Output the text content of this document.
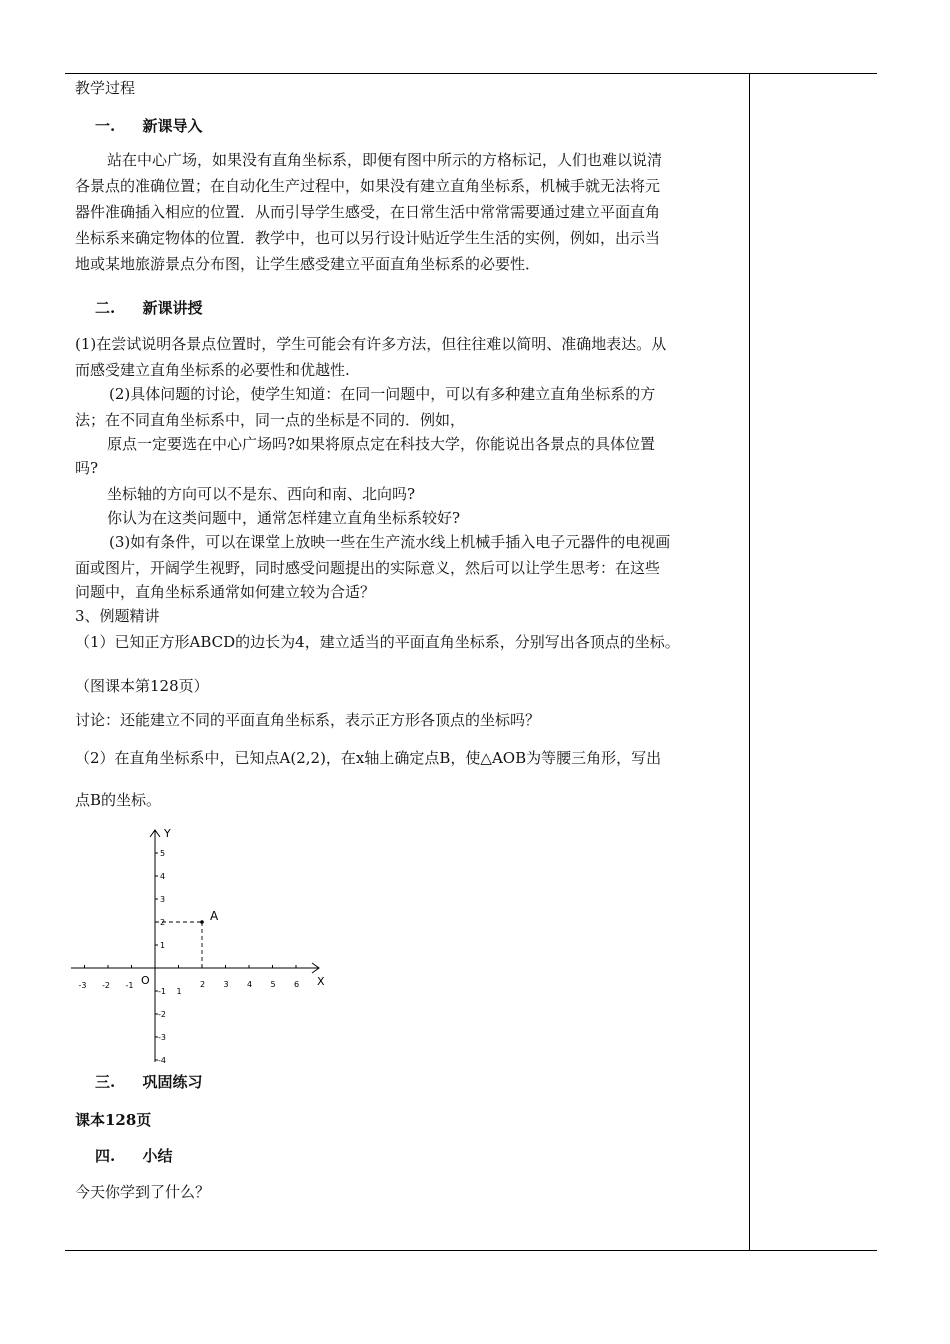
教学过程
一. 新课导入
站在中心广场，如果没有直角坐标系，即便有图中所示的方格标记，人们也难以说清
各景点的准确位置；在自动化生产过程中，如果没有建立直角坐标系，机械手就无法将元
器件准确插入相应的位置．从而引导学生感受，在日常生活中常常需要通过建立平面直角
坐标系来确定物体的位置．教学中，也可以另行设计贴近学生生活的实例，例如，出示当
地或某地旅游景点分布图，让学生感受建立平面直角坐标系的必要性．
二. 新课讲授
(1)在尝试说明各景点位置时，学生可能会有许多方法，但往往难以简明、准确地表达。从
而感受建立直角坐标系的必要性和优越性.
(2)具体问题的讨论，使学生知道：在同一问题中，可以有多种建立直角坐标系的方
法；在不同直角坐标系中，同一点的坐标是不同的．例如，
原点一定要选在中心广场吗?如果将原点定在科技大学，你能说出各景点的具体位置
吗?
坐标轴的方向可以不是东、西向和南、北向吗?
你认为在这类问题中，通常怎样建立直角坐标系较好?
(3)如有条件，可以在课堂上放映一些在生产流水线上机械手插入电子元器件的电视画
面或图片，开阔学生视野，同时感受问题提出的实际意义，然后可以让学生思考：在这些
问题中，直角坐标系通常如何建立较为合适？
3、例题精讲
（1）已知正方形ABCD的边长为4，建立适当的平面直角坐标系，分别写出各顶点的坐标。
（图课本第128页）
讨论：还能建立不同的平面直角坐标系，表示正方形各顶点的坐标吗？
（2）在直角坐标系中，已知点A(2,2)，在x轴上确定点B，使△AOB为等腰三角形，写出
点B的坐标。
三. 巩固练习
课本128页
四. 小结
今天你学到了什么？
-3 -2 -1
1
2 3 4 5 6
1
2
3
4
5
-1
-2
-3
-4
A
Y
X
O
